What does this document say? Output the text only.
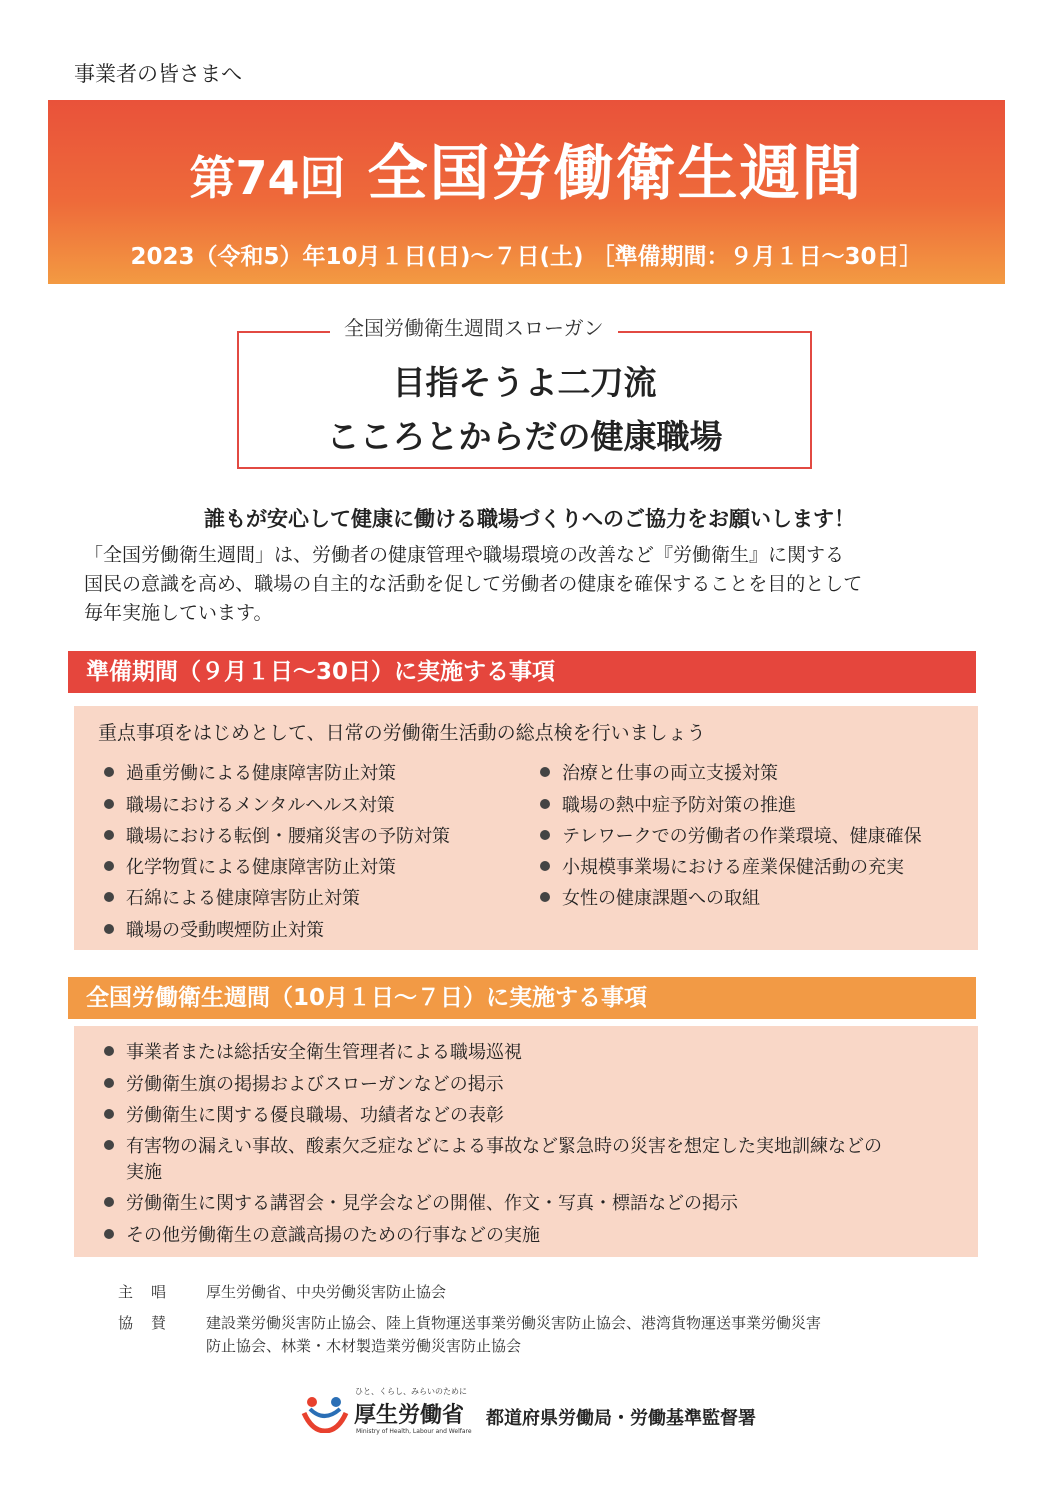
事業者の皆さまへ
第74回 全国労働衛生週間
2023（令和5）年10月１日(日)～７日(土) ［準備期間：９月１日～30日］
目指そうよ二刀流
こころとからだの健康職場
全国労働衛生週間スローガン
誰もが安心して健康に働ける職場づくりへのご協力をお願いします！
「全国労働衛生週間」は、労働者の健康管理や職場環境の改善など『労働衛生』に関する
国民の意識を高め、職場の自主的な活動を促して労働者の健康を確保することを目的として
毎年実施しています。
準備期間（９月１日～30日）に実施する事項
重点事項をはじめとして、日常の労働衛生活動の総点検を行いましょう
過重労働による健康障害防止対策
職場におけるメンタルヘルス対策
職場における転倒・腰痛災害の予防対策
化学物質による健康障害防止対策
石綿による健康障害防止対策
職場の受動喫煙防止対策
治療と仕事の両立支援対策
職場の熱中症予防対策の推進
テレワークでの労働者の作業環境、健康確保
小規模事業場における産業保健活動の充実
女性の健康課題への取組
全国労働衛生週間（10月１日～７日）に実施する事項
事業者または総括安全衛生管理者による職場巡視
労働衛生旗の掲揚およびスローガンなどの掲示
労働衛生に関する優良職場、功績者などの表彰
有害物の漏えい事故、酸素欠乏症などによる事故など緊急時の災害を想定した実地訓練などの
実施
労働衛生に関する講習会・見学会などの開催、作文・写真・標語などの掲示
その他労働衛生の意識高揚のための行事などの実施
主唱 厚生労働省、中央労働災害防止協会
協賛 建設業労働災害防止協会、陸上貨物運送事業労働災害防止協会、港湾貨物運送事業労働災害
防止協会、林業・木材製造業労働災害防止協会
ひと、くらし、みらいのために
厚生労働省
Ministry of Health, Labour and Welfare
都道府県労働局・労働基準監督署
